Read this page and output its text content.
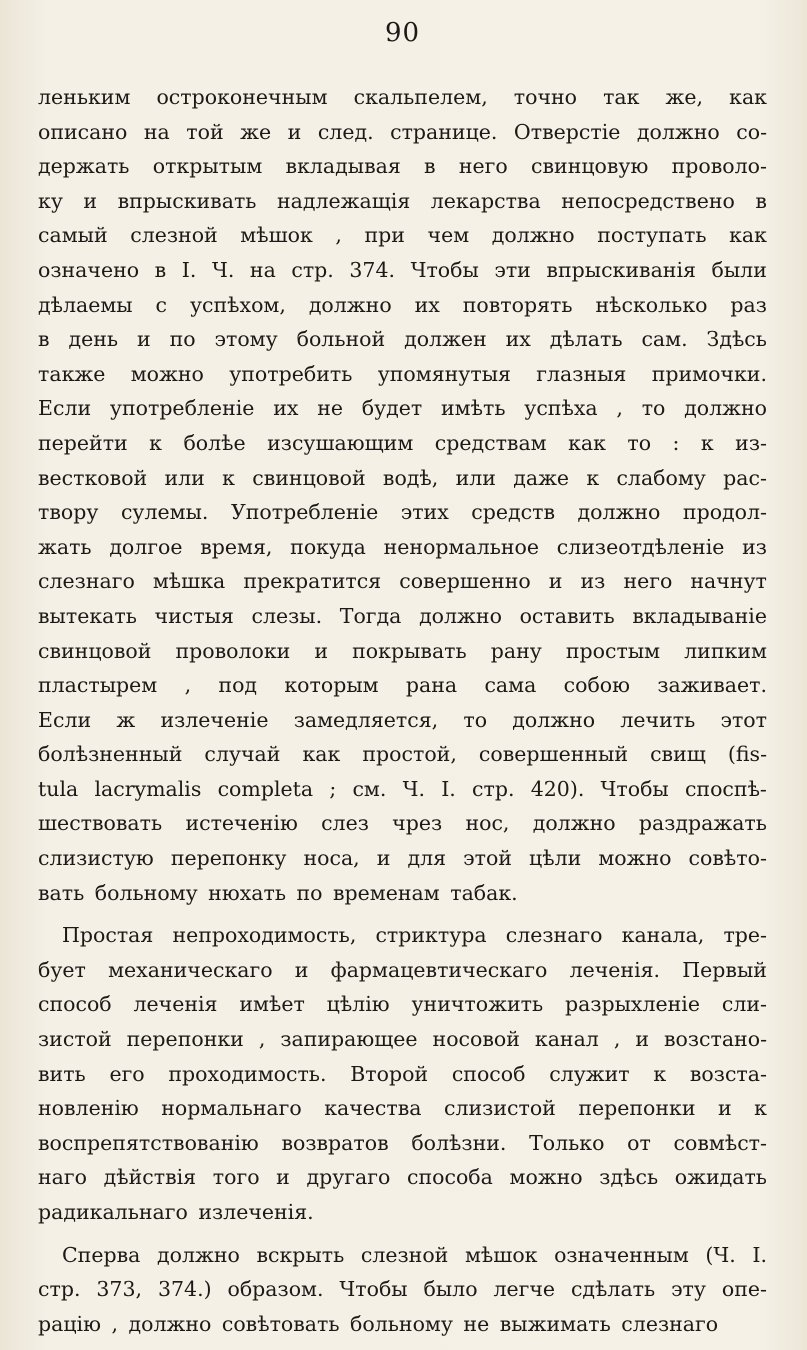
90
леньким остроконечным скальпелем, точно так же, как
описано на той же и след. странице. Отверстіе должно со-
держать открытым вкладывая в него свинцовую проволо-
ку и впрыскивать надлежащія лекарства непосредствено в
самый слезной мѣшок , при чем должно поступать как
означено в І. Ч. на стр. 374. Чтобы эти впрыскиванія были
дѣлаемы с успѣхом, должно их повторять нѣсколько раз
в день и по этому больной должен их дѣлать сам. Здѣсь
также можно употребить упомянутыя глазныя примочки.
Если употребленіе их не будет имѣть успѣха , то должно
перейти к болѣе изсушающим средствам как то : к из-
вестковой или к свинцовой водѣ, или даже к слабому рас-
твору сулемы. Употребленіе этих средств должно продол-
жать долгое время, покуда ненормальное слизеотдѣленіе из
слезнаго мѣшка прекратится совершенно и из него начнут
вытекать чистыя слезы. Тогда должно оставить вкладываніе
свинцовой проволоки и покрывать рану простым липким
пластырем , под которым рана сама собою заживает.
Если ж излеченіе замедляется, то должно лечить этот
болѣзненный случай как простой, совершенный свищ (fis-
tula lacrymalis completa ; см. Ч. І. стр. 420). Чтобы споспѣ-
шествовать истеченію слез чрез нос, должно раздражать
слизистую перепонку носа, и для этой цѣли можно совѣто-
вать больному нюхать по временам табак.
Простая непроходимость, стриктура слезнаго канала, тре-
бует механическаго и фармацевтическаго леченія. Первый
способ леченія имѣет цѣлію уничтожить разрыхленіе сли-
зистой перепонки , запирающее носовой канал , и возстано-
вить его проходимость. Второй способ служит к возста-
новленію нормальнаго качества слизистой перепонки и к
воспрепятствованію возвратов болѣзни. Только от совмѣст-
наго дѣйствія того и другаго способа можно здѣсь ожидать
радикальнаго излеченія.
Сперва должно вскрыть слезной мѣшок означенным (Ч. І.
стр. 373, 374.) образом. Чтобы было легче сдѣлать эту опе-
рацію , должно совѣтовать больному не выжимать слезнаго
